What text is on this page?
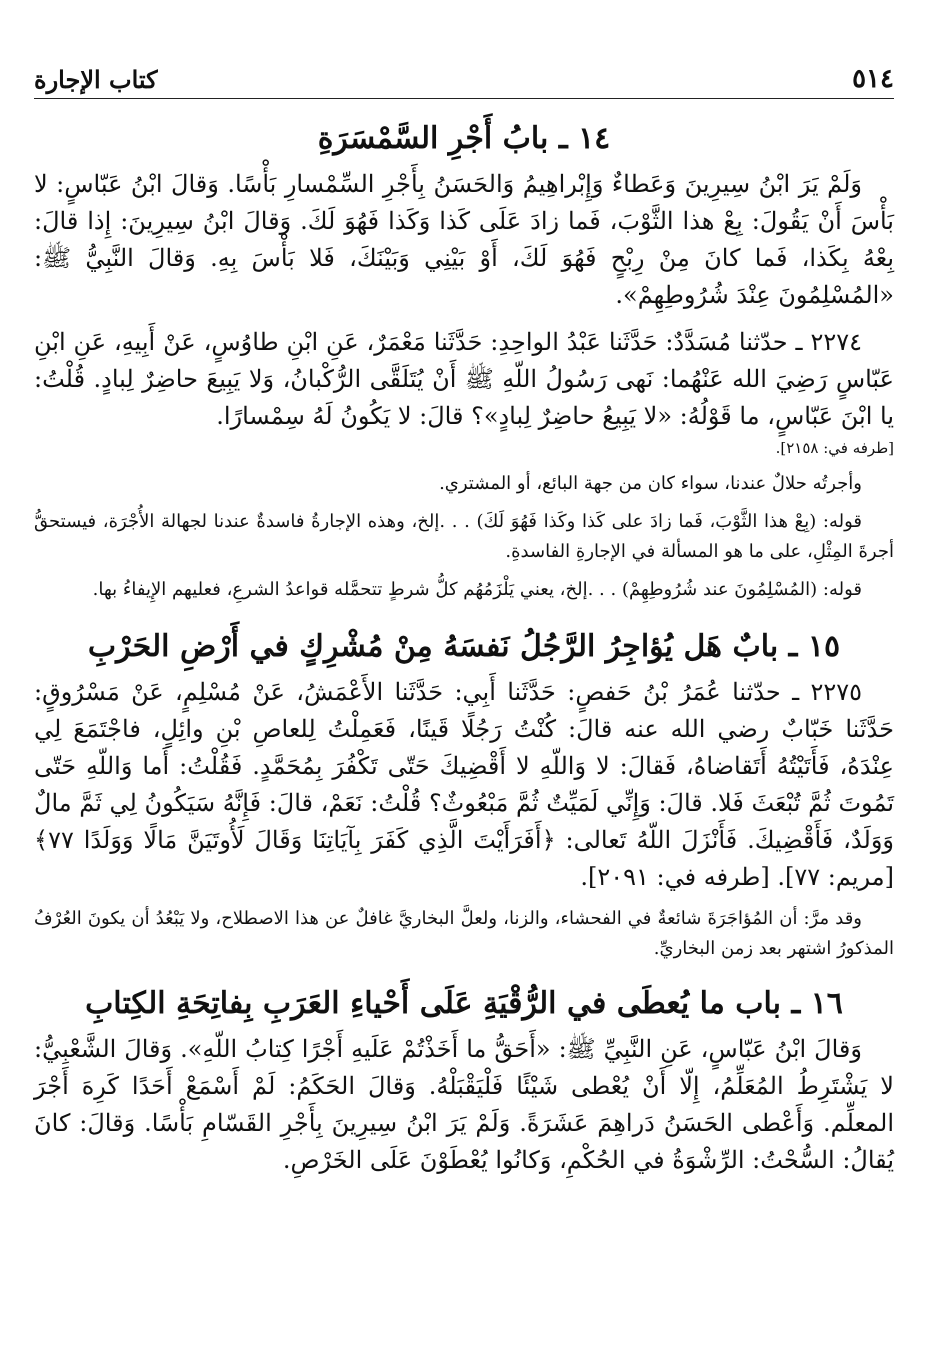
٥١٤
كتاب الإجارة
١٤ ـ بابُ أَجْرِ السَّمْسَرَةِ

وَلَمْ يَرَ ابْنُ سِيرِينَ وَعَطاءٌ وَإِبْراهِيمُ وَالحَسَنُ بِأَجْرِ السِّمْسارِ بَأْسًا. وَقالَ ابْنُ عَبّاسٍ: لا بَأْسَ أَنْ يَقُولَ: بِعْ هذا الثَّوْبَ، فَما زادَ عَلَى كَذا وَكَذا فَهُوَ لَكَ. وَقالَ ابْنُ سِيرِينَ: إِذا قالَ: بِعْهُ بِكَذا، فَما كانَ مِنْ رِبْحٍ فَهُوَ لَكَ، أَوْ بَيْنِي وَبَيْنَكَ، فَلا بَأْسَ بِهِ. وَقالَ النَّبِيُّ ﷺ: «المُسْلِمُونَ عِنْدَ شُرُوطِهِمْ».

٢٢٧٤ ـ حدّثنا مُسَدَّدٌ: حَدَّثَنا عَبْدُ الواحِدِ: حَدَّثَنا مَعْمَرٌ، عَنِ ابْنِ طاوُسٍ، عَنْ أَبِيهِ، عَنِ ابْنِ عَبّاسٍ رَضِيَ الله عَنْهُما: نَهى رَسُولُ اللّهِ ﷺ أَنْ يُتَلَقَّى الرُّكْبانُ، وَلا يَبِيعَ حاضِرٌ لِبادٍ. قُلْتُ: يا ابْنَ عَبّاسٍ، ما قَوْلُهُ: «لا يَبِيعُ حاضِرٌ لِبادٍ»؟ قالَ: لا يَكُونُ لَهُ سِمْسارًا.

[طرفه في: ٢١٥٨].

وأجرتُه حلالٌ عندنا، سواء كان من جهة البائع، أو المشتري.

قوله: (بِعْ هذا الثَّوْبَ، فَما زادَ على كَذا وكَذا فَهُوَ لَكَ) . . .إلخ، وهذه الإجارةُ فاسدةٌ عندنا لجهالة الأُجْرَة، فيستحقُّ أجرةَ المِثْلِ، على ما هو المسألة في الإجارةِ الفاسدةِ.

قوله: (المُسْلِمُونَ عند شُرُوطِهِمْ) . . .إلخ، يعني يَلْزَمُهُم كلُّ شرطٍ تتحمَّله قواعدُ الشرعِ، فعليهم الإِيفاءُ بها.

١٥ ـ بابٌ هَل يُؤاجِرُ الرَّجُلُ نَفسَهُ مِنْ مُشْرِكٍ في أَرْضِ الحَرْبِ

٢٢٧٥ ـ حدّثنا عُمَرُ بْنُ حَفصٍ: حَدَّثَنا أَبِي: حَدَّثَنا الأَعْمَشُ، عَنْ مُسْلِمٍ، عَنْ مَسْرُوقٍ: حَدَّثَنا خَبّابٌ رضي الله عنه قالَ: كُنْتُ رَجُلًا قَينًا، فَعَمِلْتُ لِلعاصِ بْنِ وائِلٍ، فاجْتَمَعَ لِي عِنْدَهُ، فَأَتَيْتُهُ أَتَقاضاهُ، فَقالَ: لا وَاللّهِ لا أَقْضِيكَ حَتّى تَكْفُرَ بِمُحَمَّدٍ. فَقُلْتُ: أَما وَاللّهِ حَتّى تَمُوتَ ثُمَّ تُبْعَثَ فَلا. قالَ: وَإِنِّي لَمَيِّتٌ ثُمَّ مَبْعُوثٌ؟ قُلْتُ: نَعَمْ، قالَ: فَإِنَّهُ سَيَكُونُ لِي ثَمَّ مالٌ وَوَلَدٌ، فَأَقْضِيكَ. فَأَنْزَلَ اللّهُ تَعالى: ﴿أَفَرَأَيْتَ الَّذِي كَفَرَ بِآيَاتِنَا وَقَالَ لَأُوتَيَنَّ مَالًا وَوَلَدًا ٧٧﴾ [مريم: ٧٧]. [طرفه في: ٢٠٩١].

وقد مرَّ: أن المُؤاجَرَةَ شائعةٌ في الفحشاء، والزنا، ولعلَّ البخاريَّ غافلٌ عن هذا الاصطلاح، ولا يَبْعُدُ أن يكونَ العُرْفُ المذكورُ اشتهر بعد زمن البخاريِّ.

١٦ ـ باب ما يُعطَى في الرُّقْيَةِ عَلَى أَحْياءِ العَرَبِ بِفاتِحَةِ الكِتابِ

وَقالَ ابْنُ عَبّاسٍ، عَنِ النَّبِيِّ ﷺ: «أَحَقُّ ما أَخَذْتُمْ عَلَيهِ أَجْرًا كِتابُ اللّهِ». وَقالَ الشَّعْبِيُّ: لا يَشْتَرِطُ المُعَلِّمُ، إِلّا أَنْ يُعْطى شَيْئًا فَلْيَقْبَلْهُ. وَقالَ الحَكَمُ: لَمْ أَسْمَعْ أَحَدًا كَرِهَ أَجْرَ المعلِّم. وَأَعْطى الحَسَنُ دَراهِمَ عَشَرَةً. وَلَمْ يَرَ ابْنُ سِيرِينَ بِأَجْرِ القَسّامِ بَأْسًا. وَقالَ: كانَ يُقالُ: السُّحْتُ: الرِّشْوَةُ في الحُكْمِ، وَكانُوا يُعْطَوْنَ عَلَى الخَرْصِ.
